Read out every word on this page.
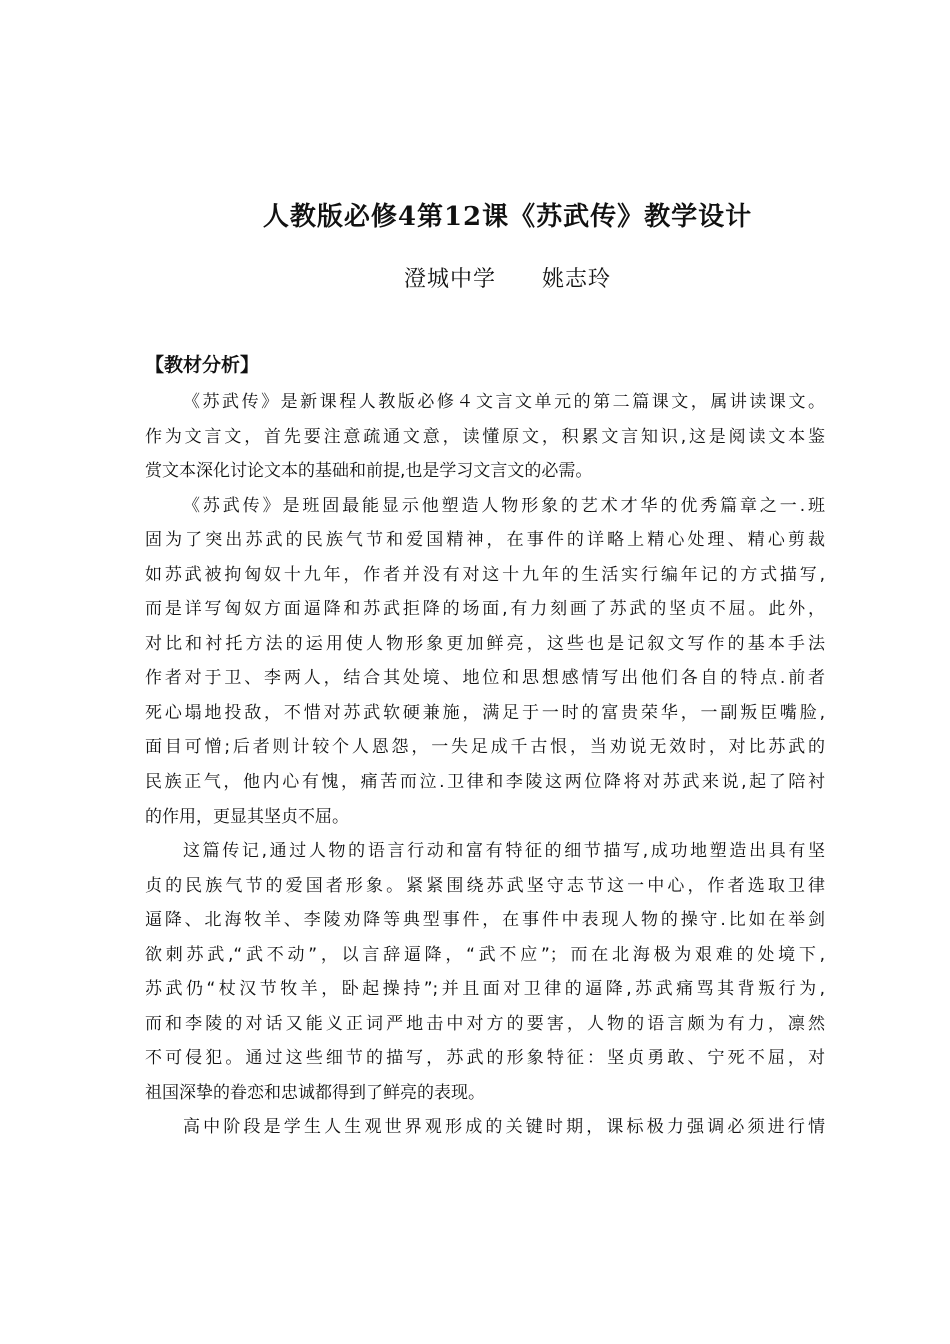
人教版必修4第12课《苏武传》教学设计
澄城中学 姚志玲
【教材分析】
《苏武传》是新课程人教版必修４文言文单元的第二篇课文，属讲读课文。
作为文言文，首先要注意疏通文意，读懂原文，积累文言知识,这是阅读文本鉴
赏文本深化讨论文本的基础和前提,也是学习文言文的必需。
《苏武传》是班固最能显示他塑造人物形象的艺术才华的优秀篇章之一.班
固为了突出苏武的民族气节和爱国精神，在事件的详略上精心处理、精心剪裁
如苏武被拘匈奴十九年，作者并没有对这十九年的生活实行编年记的方式描写,
而是详写匈奴方面逼降和苏武拒降的场面,有力刻画了苏武的坚贞不屈。此外，
对比和衬托方法的运用使人物形象更加鲜亮，这些也是记叙文写作的基本手法
作者对于卫、李两人，结合其处境、地位和思想感情写出他们各自的特点.前者
死心塌地投敌，不惜对苏武软硬兼施，满足于一时的富贵荣华，一副叛臣嘴脸,
面目可憎;后者则计较个人恩怨，一失足成千古恨，当劝说无效时，对比苏武的
民族正气，他内心有愧，痛苦而泣.卫律和李陵这两位降将对苏武来说,起了陪衬
的作用，更显其坚贞不屈。
这篇传记,通过人物的语言行动和富有特征的细节描写,成功地塑造出具有坚
贞的民族气节的爱国者形象。紧紧围绕苏武坚守志节这一中心，作者选取卫律
逼降、北海牧羊、李陵劝降等典型事件，在事件中表现人物的操守.比如在举剑
欲刺苏武,“武不动”，以言辞逼降，“武不应”；而在北海极为艰难的处境下,
苏武仍“杖汉节牧羊，卧起操持”;并且面对卫律的逼降,苏武痛骂其背叛行为,
而和李陵的对话又能义正词严地击中对方的要害，人物的语言颇为有力，凛然
不可侵犯。通过这些细节的描写，苏武的形象特征：坚贞勇敢、宁死不屈，对
祖国深挚的眷恋和忠诚都得到了鲜亮的表现。
高中阶段是学生人生观世界观形成的关键时期，课标极力强调必须进行情
